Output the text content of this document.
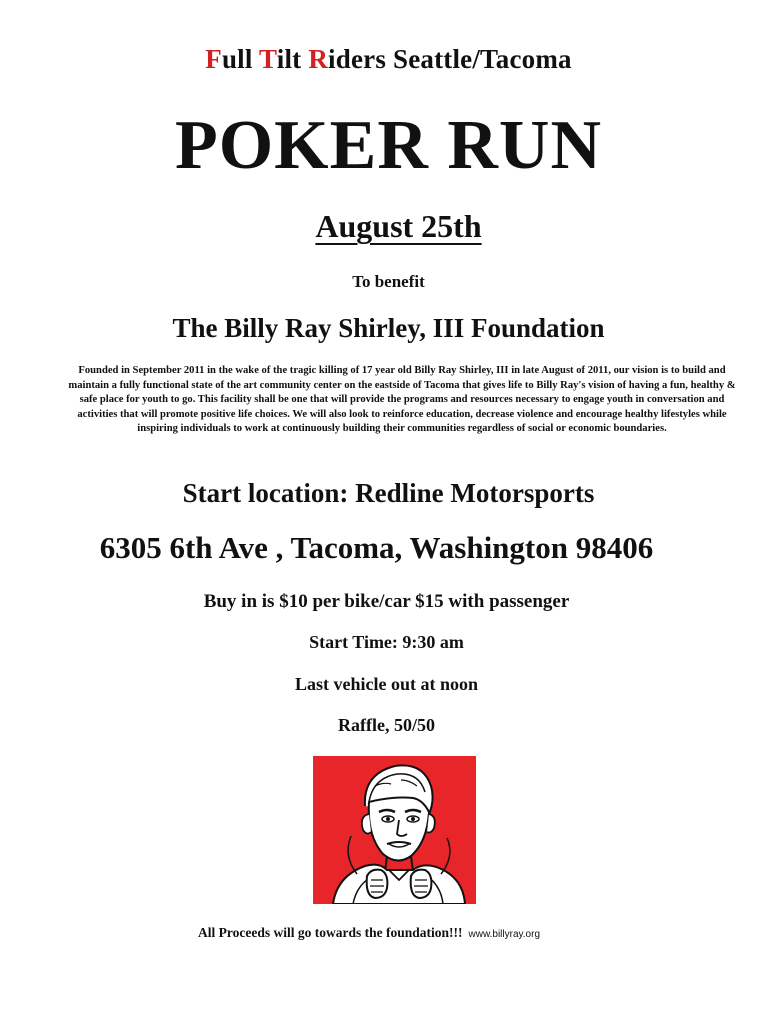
Full Tilt Riders Seattle/Tacoma
POKER RUN
August 25th
To benefit
The Billy Ray Shirley, III Foundation
Founded in September 2011 in the wake of the tragic killing of 17 year old Billy Ray Shirley, III in late August of 2011, our vision is to build and maintain a fully functional state of the art community center on the eastside of Tacoma that gives life to Billy Ray's vision of having a fun, healthy & safe place for youth to go. This facility shall be one that will provide the programs and resources necessary to engage youth in conversation and activities that will promote positive life choices. We will also look to reinforce education, decrease violence and encourage healthy lifestyles while inspiring individuals to work at continuously building their communities regardless of social or economic boundaries.
Start location: Redline Motorsports
6305 6th Ave , Tacoma, Washington 98406
Buy in is $10 per bike/car $15 with passenger
Start Time: 9:30 am
Last vehicle out at noon
Raffle, 50/50
All Proceeds will go towards the foundation!!! www.billyray.org
